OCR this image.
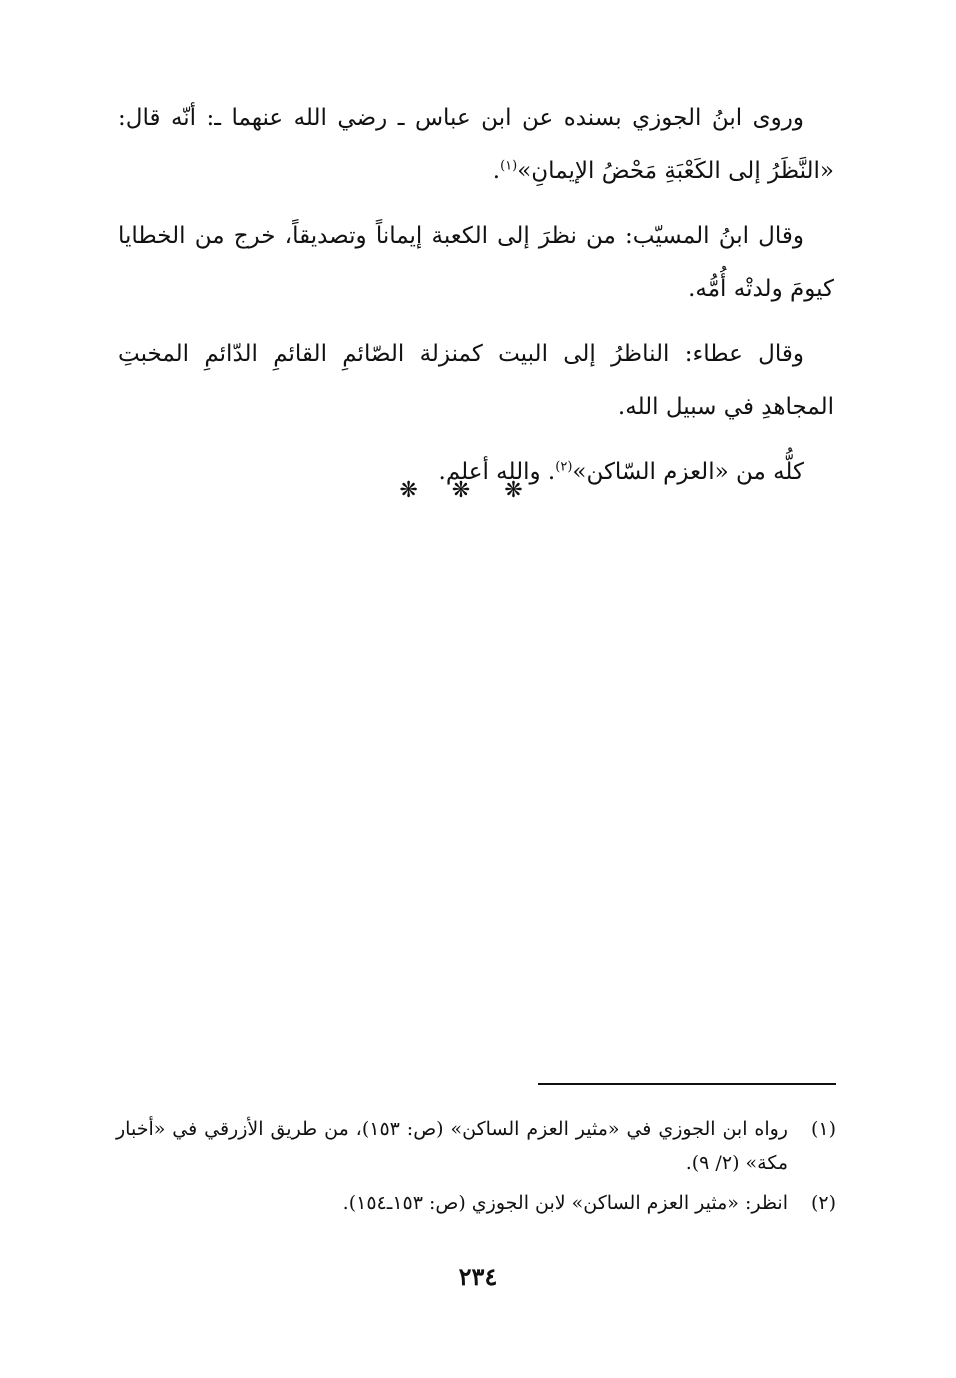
وروى ابنُ الجوزي بسنده عن ابن عباس ـ رضي الله عنهما ـ: أنّه قال: «النَّظَرُ إلى الكَعْبَةِ مَحْضُ الإيمانِ»$^{(١)}$.

وقال ابنُ المسيّب: من نظرَ إلى الكعبة إيماناً وتصديقاً، خرج من الخطايا كيومَ ولدتْه أُمُّه.

وقال عطاء: الناظرُ إلى البيت كمنزلة الصّائمِ القائمِ الدّائمِ المخبتِ المجاهدِ في سبيل الله.

كلُّه من «العزم السّاكن»$^{(٢)}$. والله أعلم.

❋❋❋
(١)
رواه ابن الجوزي في «مثير العزم الساكن» (ص: ١٥٣)، من طريق الأزرقي في «أخبار مكة» (٢/ ٩).
(٢)
انظر: «مثير العزم الساكن» لابن الجوزي (ص: ١٥٣ـ١٥٤).
٢٣٤
